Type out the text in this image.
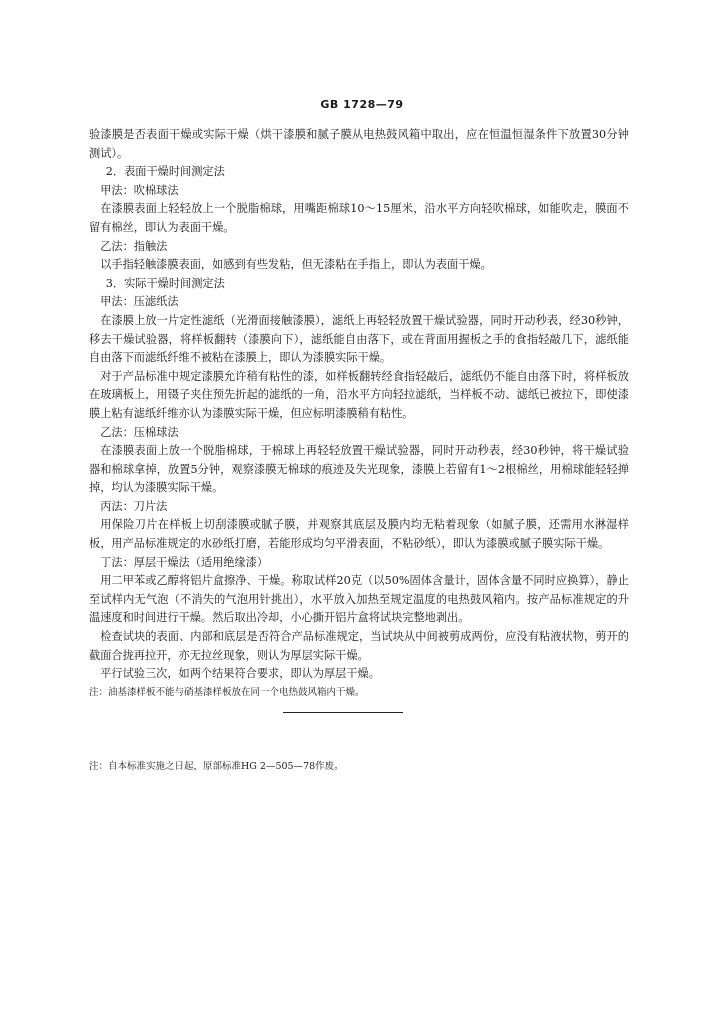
GB 1728—79

验漆膜是否表面干燥或实际干燥（烘干漆膜和腻子膜从电热鼓风箱中取出，应在恒温恒湿条件下放置30分钟测试）。

2．表面干燥时间测定法

甲法：吹棉球法

在漆膜表面上轻轻放上一个脱脂棉球，用嘴距棉球10～15厘米，沿水平方向轻吹棉球，如能吹走，膜面不留有棉丝，即认为表面干燥。

乙法：指触法

以手指轻触漆膜表面，如感到有些发粘，但无漆粘在手指上，即认为表面干燥。

3．实际干燥时间测定法

甲法：压滤纸法

在漆膜上放一片定性滤纸（光滑面接触漆膜），滤纸上再轻轻放置干燥试验器，同时开动秒表，经30秒钟，移去干燥试验器，将样板翻转（漆膜向下），滤纸能自由落下，或在背面用握板之手的食指轻敲几下，滤纸能自由落下而滤纸纤维不被粘在漆膜上，即认为漆膜实际干燥。

对于产品标准中规定漆膜允许稍有粘性的漆，如样板翻转经食指轻敲后，滤纸仍不能自由落下时，将样板放在玻璃板上，用镊子夹住预先折起的滤纸的一角，沿水平方向轻拉滤纸，当样板不动、滤纸已被拉下，即使漆膜上粘有滤纸纤维亦认为漆膜实际干燥，但应标明漆膜稍有粘性。

乙法：压棉球法

在漆膜表面上放一个脱脂棉球，于棉球上再轻轻放置干燥试验器，同时开动秒表，经30秒钟，将干燥试验器和棉球拿掉，放置5分钟，观察漆膜无棉球的痕迹及失光现象，漆膜上若留有1～2根棉丝，用棉球能轻轻掸掉，均认为漆膜实际干燥。

丙法：刀片法

用保险刀片在样板上切刮漆膜或腻子膜，并观察其底层及膜内均无粘着现象（如腻子膜，还需用水淋湿样板，用产品标准规定的水砂纸打磨，若能形成均匀平滑表面，不粘砂纸），即认为漆膜或腻子膜实际干燥。

丁法：厚层干燥法（适用绝缘漆）

用二甲苯或乙醇将铝片盒擦净、干燥。称取试样20克（以50%固体含量计，固体含量不同时应换算），静止至试样内无气泡（不消失的气泡用针挑出），水平放入加热至规定温度的电热鼓风箱内。按产品标准规定的升温速度和时间进行干燥。然后取出冷却，小心撕开铝片盒将试块完整地剥出。

检查试块的表面、内部和底层是否符合产品标准规定，当试块从中间被剪成两份，应没有粘液状物，剪开的截面合拢再拉开，亦无拉丝现象，则认为厚层实际干燥。

平行试验三次，如两个结果符合要求，即认为厚层干燥。

注：油基漆样板不能与硝基漆样板放在同一个电热鼓风箱内干燥。

注：自本标准实施之日起，原部标准HG 2—505—78作废。
